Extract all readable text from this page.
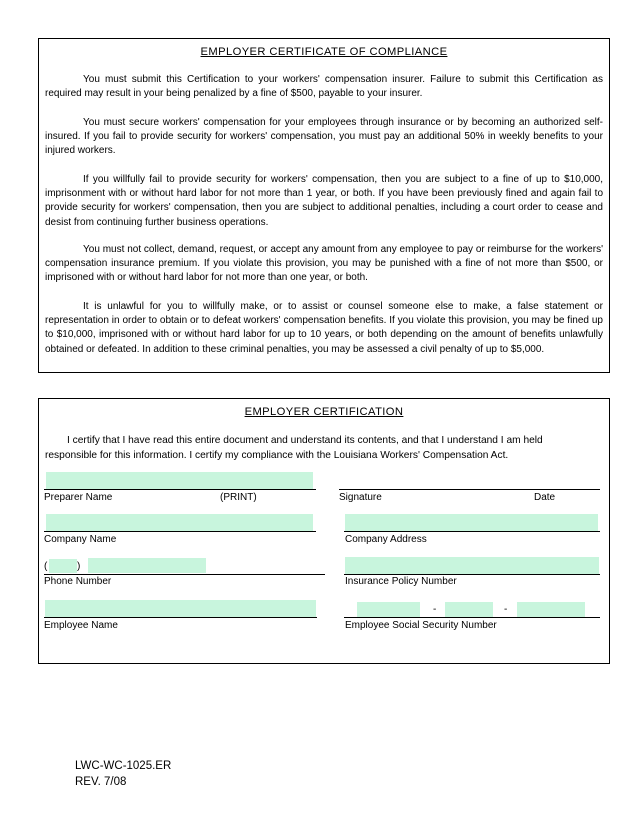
EMPLOYER CERTIFICATE OF COMPLIANCE

You must submit this Certification to your workers' compensation insurer. Failure to submit this Certification as required may result in your being penalized by a fine of $500, payable to your insurer.

You must secure workers' compensation for your employees through insurance or by becoming an authorized self-insured. If you fail to provide security for workers' compensation, you must pay an additional 50% in weekly benefits to your injured workers.

If you willfully fail to provide security for workers' compensation, then you are subject to a fine of up to $10,000, imprisonment with or without hard labor for not more than 1 year, or both. If you have been previously fined and again fail to provide security for workers' compensation, then you are subject to additional penalties, including a court order to cease and desist from continuing further business operations.

You must not collect, demand, request, or accept any amount from any employee to pay or reimburse for the workers' compensation insurance premium. If you violate this provision, you may be punished with a fine of not more than $500, or imprisoned with or without hard labor for not more than one year, or both.

It is unlawful for you to willfully make, or to assist or counsel someone else to make, a false statement or representation in order to obtain or to defeat workers' compensation benefits. If you violate this provision, you may be fined up to $10,000, imprisoned with or without hard labor for up to 10 years, or both depending on the amount of benefits unlawfully obtained or defeated. In addition to these criminal penalties, you may be assessed a civil penalty of up to $5,000.

EMPLOYER CERTIFICATION

I certify that I have read this entire document and understand its contents, and that I understand I am held responsible for this information. I certify my compliance with the Louisiana Workers' Compensation Act.

Preparer Name	(PRINT)	Signature	Date
Company Name	Company Address
(	)
Phone Number	Insurance Policy Number
-	-
Employee Name	Employee Social Security Number
LWC-WC-1025.ER
REV. 7/08
